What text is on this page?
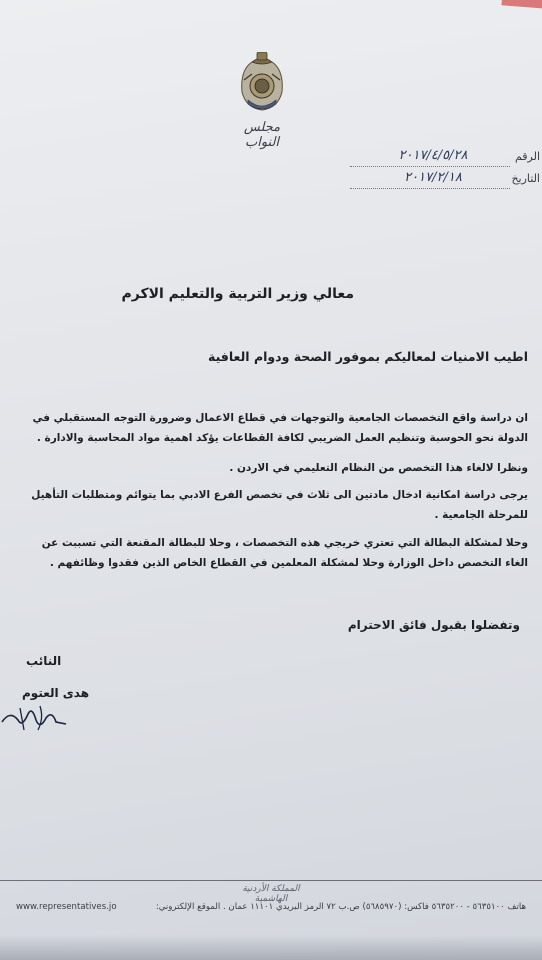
مجلس النواب
الرقم
٢٠١٧/٤/٥/٢٨
التاريخ
٢٠١٧/٢/١٨
معالي وزير التربية والتعليم الاكرم
اطيب الامنيات لمعاليكم بموفور الصحة ودوام العافية
ان دراسة واقع التخصصات الجامعية والتوجهات في قطاع الاعمال وضرورة التوجه المستقبلي في الدولة نحو الحوسبة وتنظيم العمل الضريبي لكافة القطاعات يؤكد اهمية مواد المحاسبة والادارة .
ونظرا لالغاء هذا التخصص من النظام التعليمي في الاردن .
يرجى دراسة امكانية ادخال مادتين الى ثلاث في تخصص الفرع الادبي بما يتوائم ومتطلبات التأهيل للمرحلة الجامعية .
وحلا لمشكلة البطالة التي تعتري خريجي هذه التخصصات ، وحلا للبطالة المقنعة التي تسببت عن الغاء التخصص داخل الوزارة وحلا لمشكلة المعلمين في القطاع الخاص الذين فقدوا وظائفهم .
وتفضلوا بقبول فائق الاحترام
النائب
هدى العتوم
المملكة الأردنية الهاشمية
هاتف ٥٦٣٥١٠٠ - ٥٦٣٥٢٠٠ فاكس: (٥٦٨٥٩٧٠) ص.ب ٧٢ الرمز البريدي ١١١٠١ عمان . الموقع الإلكتروني:
www.representatives.jo
